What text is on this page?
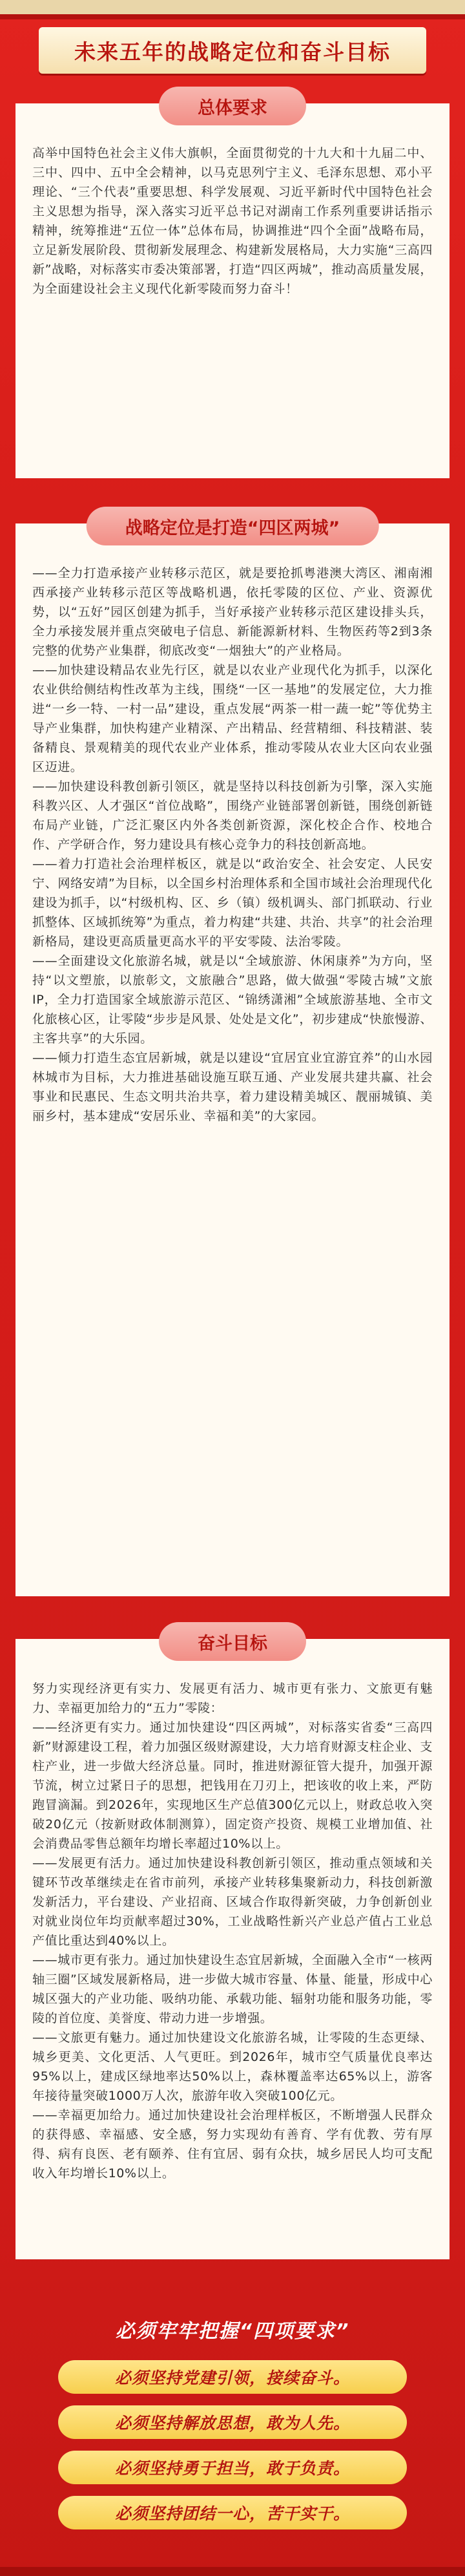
未来五年的战略定位和奋斗目标
总体要求

高举中国特色社会主义伟大旗帜，全面贯彻党的十九大和十九届二中、三中、四中、五中全会精神，以马克思列宁主义、毛泽东思想、邓小平理论、“三个代表”重要思想、科学发展观、习近平新时代中国特色社会主义思想为指导，深入落实习近平总书记对湖南工作系列重要讲话指示精神，统筹推进“五位一体”总体布局，协调推进“四个全面”战略布局，立足新发展阶段、贯彻新发展理念、构建新发展格局，大力实施“三高四新”战略，对标落实市委决策部署，打造“四区两城”，推动高质量发展，为全面建设社会主义现代化新零陵而努力奋斗！

战略定位是打造“四区两城”

——全力打造承接产业转移示范区，就是要抢抓粤港澳大湾区、湘南湘西承接产业转移示范区等战略机遇，依托零陵的区位、产业、资源优势，以“五好”园区创建为抓手，当好承接产业转移示范区建设排头兵，全力承接发展并重点突破电子信息、新能源新材料、生物医药等2到3条完整的优势产业集群，彻底改变“一烟独大”的产业格局。

——加快建设精品农业先行区，就是以农业产业现代化为抓手，以深化农业供给侧结构性改革为主线，围绕“一区一基地”的发展定位，大力推进“一乡一特、一村一品”建设，重点发展“两茶一柑一蔬一蛇”等优势主导产业集群，加快构建产业精深、产出精品、经营精细、科技精湛、装备精良、景观精美的现代农业产业体系，推动零陵从农业大区向农业强区迈进。

——加快建设科教创新引领区，就是坚持以科技创新为引擎，深入实施科教兴区、人才强区“首位战略”，围绕产业链部署创新链，围绕创新链布局产业链，广泛汇聚区内外各类创新资源，深化校企合作、校地合作、产学研合作，努力建设具有核心竞争力的科技创新高地。

——着力打造社会治理样板区，就是以“政治安全、社会安定、人民安宁、网络安靖”为目标，以全国乡村治理体系和全国市域社会治理现代化建设为抓手，以“村级机构、区、乡（镇）级机调头、部门抓联动、行业抓整体、区域抓统筹”为重点，着力构建“共建、共治、共享”的社会治理新格局，建设更高质量更高水平的平安零陵、法治零陵。

——全面建设文化旅游名城，就是以“全域旅游、休闲康养”为方向，坚持“以文塑旅，以旅彰文，文旅融合”思路，做大做强“零陵古城”文旅IP，全力打造国家全域旅游示范区、“锦绣潇湘”全域旅游基地、全市文化旅核心区，让零陵“步步是风景、处处是文化”，初步建成“快旅慢游、主客共享”的大乐园。

——倾力打造生态宜居新城，就是以建设“宜居宜业宜游宜养”的山水园林城市为目标，大力推进基础设施互联互通、产业发展共建共赢、社会事业和民惠民、生态文明共治共享，着力建设精美城区、靓丽城镇、美丽乡村，基本建成“安居乐业、幸福和美”的大家园。

奋斗目标

努力实现经济更有实力、发展更有活力、城市更有张力、文旅更有魅力、幸福更加给力的“五力”零陵：

——经济更有实力。通过加快建设“四区两城”，对标落实省委“三高四新”财源建设工程，着力加强区级财源建设，大力培育财源支柱企业、支柱产业，进一步做大经济总量。同时，推进财源征管大提升，加强开源节流，树立过紧日子的思想，把钱用在刀刃上，把该收的收上来，严防跑冒滴漏。到2026年，实现地区生产总值300亿元以上，财政总收入突破20亿元（按新财政体制测算），固定资产投资、规模工业增加值、社会消费品零售总额年均增长率超过10%以上。

——发展更有活力。通过加快建设科教创新引领区，推动重点领域和关键环节改革继续走在省市前列，承接产业转移集聚新动力，科技创新激发新活力，平台建设、产业招商、区域合作取得新突破，力争创新创业对就业岗位年均贡献率超过30%，工业战略性新兴产业总产值占工业总产值比重达到40%以上。

——城市更有张力。通过加快建设生态宜居新城，全面融入全市“一核两轴三圈”区域发展新格局，进一步做大城市容量、体量、能量，形成中心城区强大的产业功能、吸纳功能、承载功能、辐射功能和服务功能，零陵的首位度、美誉度、带动力进一步增强。

——文旅更有魅力。通过加快建设文化旅游名城，让零陵的生态更绿、城乡更美、文化更活、人气更旺。到2026年，城市空气质量优良率达95%以上，建成区绿地率达50%以上，森林覆盖率达65%以上，游客年接待量突破1000万人次，旅游年收入突破100亿元。

——幸福更加给力。通过加快建设社会治理样板区，不断增强人民群众的获得感、幸福感、安全感，努力实现幼有善育、学有优教、劳有厚得、病有良医、老有颐养、住有宜居、弱有众扶，城乡居民人均可支配收入年均增长10%以上。

必须牢牢把握“四项要求”
必须坚持党建引领，接续奋斗。
必须坚持解放思想，敢为人先。
必须坚持勇于担当，敢于负责。
必须坚持团结一心，苦干实干。
